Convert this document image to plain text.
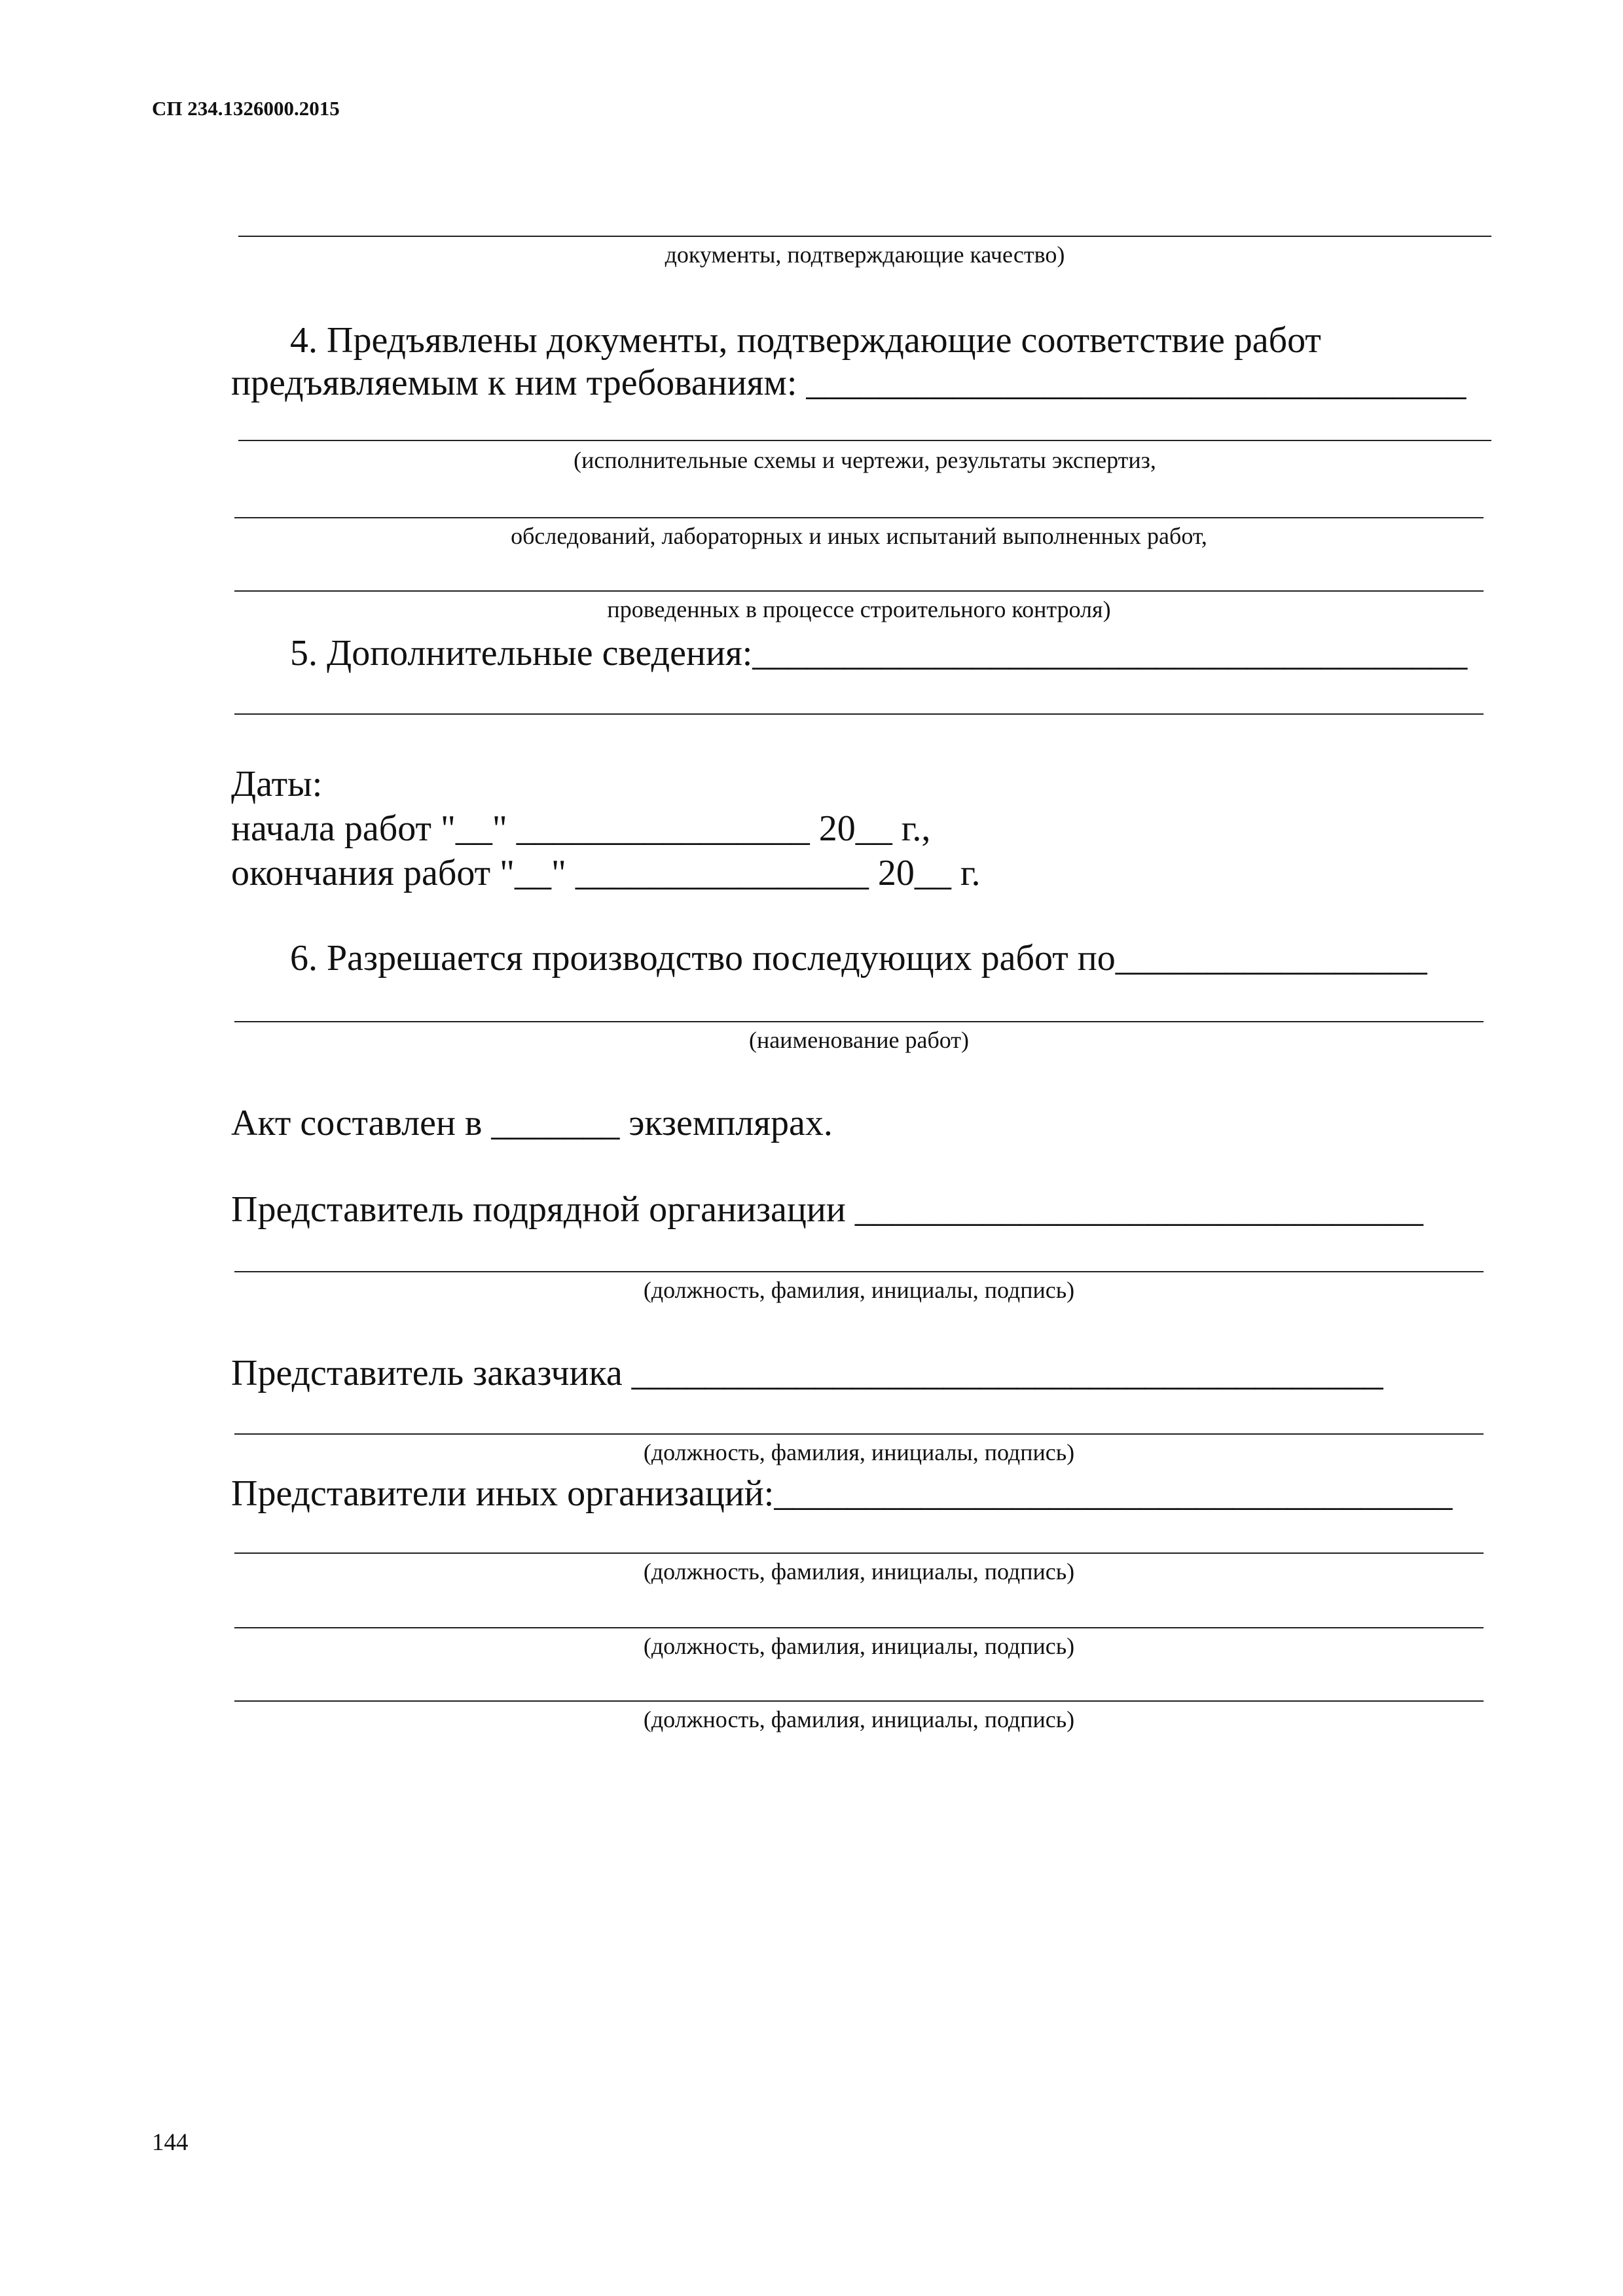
СП 234.1326000.2015
документы, подтверждающие качество)
4. Предъявлены документы, подтверждающие соответствие работ
предъявляемым к ним требованиям: ____________________________________
(исполнительные схемы и чертежи, результаты экспертиз,
обследований, лабораторных и иных испытаний выполненных работ,
проведенных в процессе строительного контроля)
5. Дополнительные сведения:_______________________________________
Даты:
начала работ "__" ________________ 20__ г.,
окончания работ "__" ________________ 20__ г.
6. Разрешается производство последующих работ по_________________
(наименование работ)
Акт составлен в _______ экземплярах.
Представитель подрядной организации _______________________________
(должность, фамилия, инициалы, подпись)
Представитель заказчика _________________________________________
(должность, фамилия, инициалы, подпись)
Представители иных организаций:_____________________________________
(должность, фамилия, инициалы, подпись)
(должность, фамилия, инициалы, подпись)
(должность, фамилия, инициалы, подпись)
144
